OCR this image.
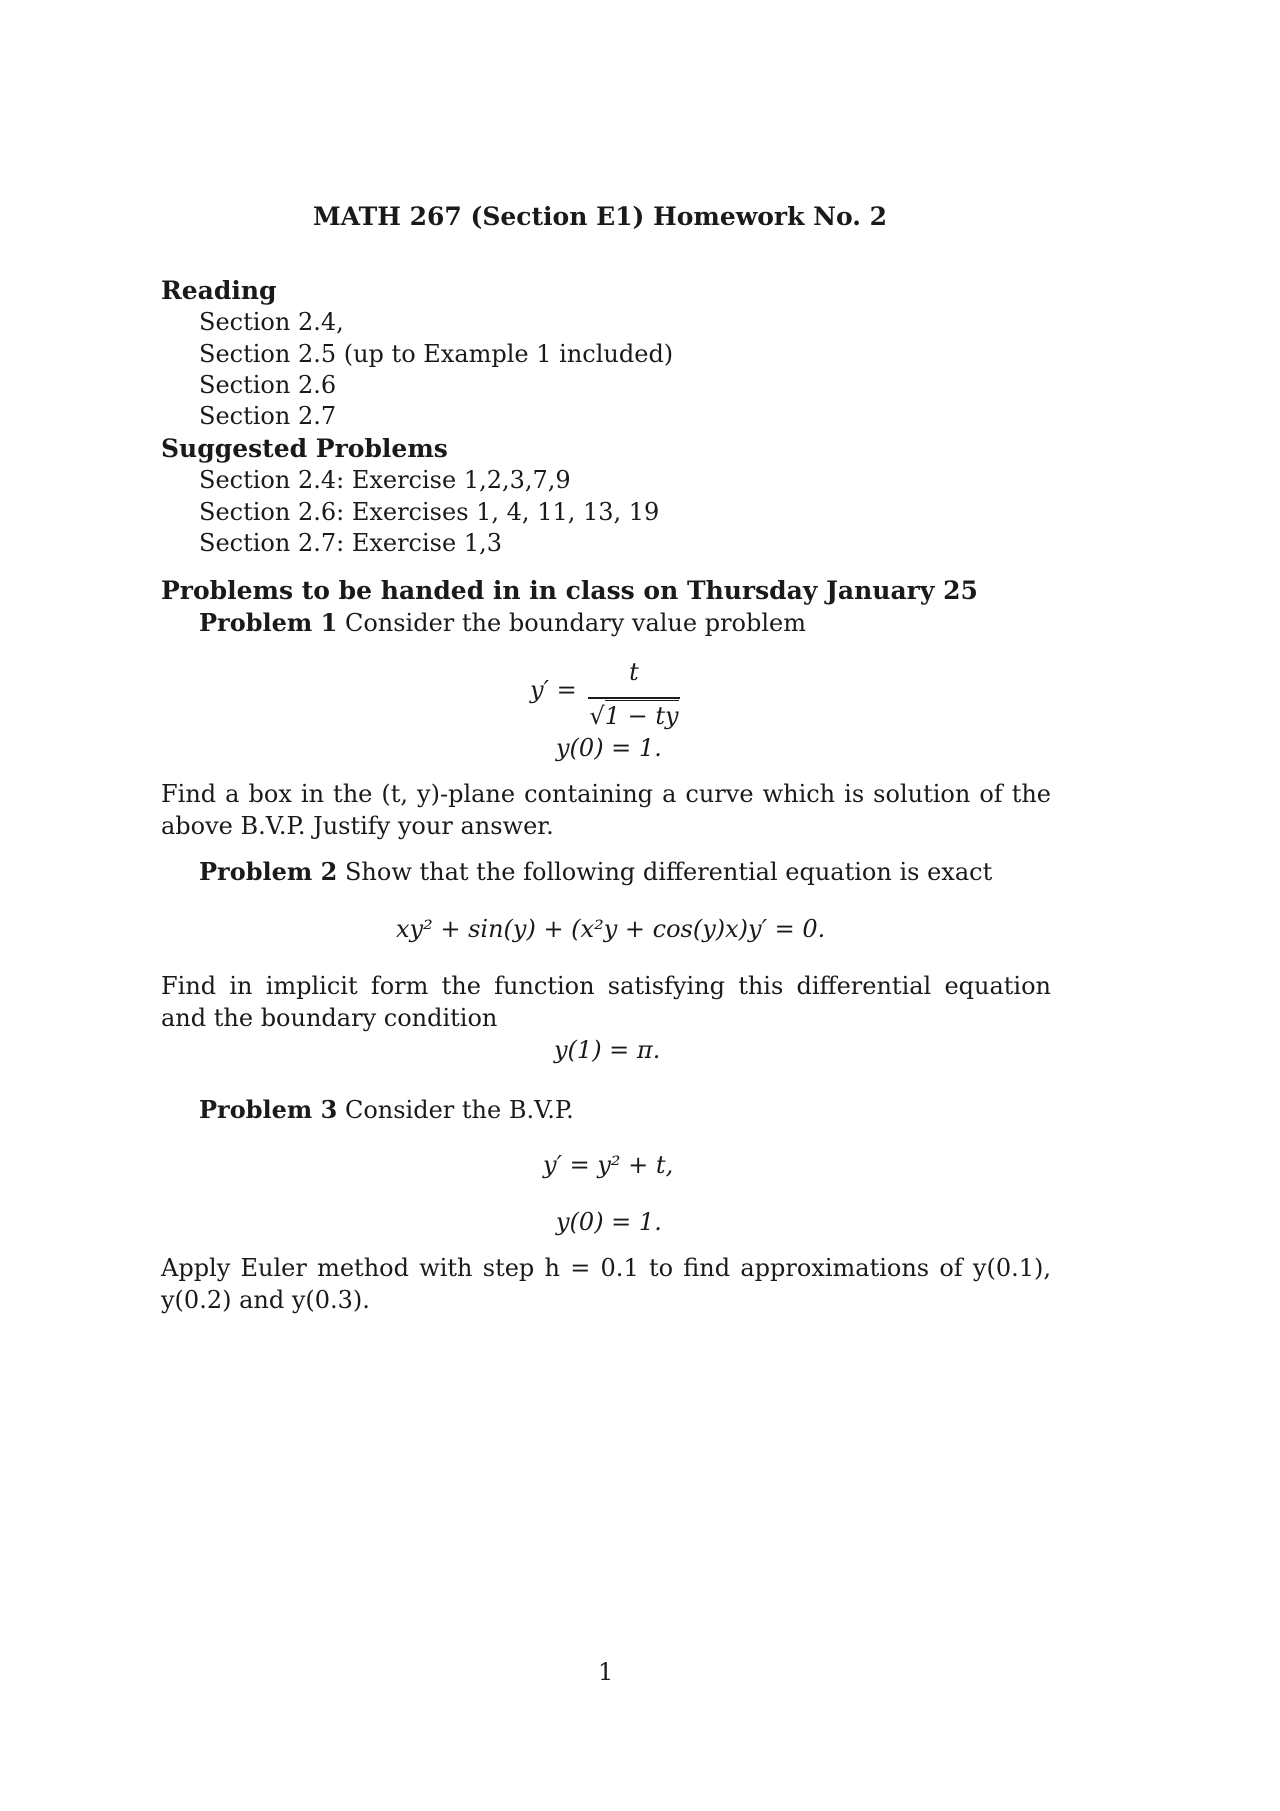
MATH 267 (Section E1) Homework No. 2
Reading
Section 2.4,
Section 2.5 (up to Example 1 included)
Section 2.6
Section 2.7
Suggested Problems
Section 2.4: Exercise 1,2,3,7,9
Section 2.6: Exercises 1, 4, 11, 13, 19
Section 2.7: Exercise 1,3
Problems to be handed in in class on Thursday January 25
Problem 1 Consider the boundary value problem
y′ =
t
√1 − ty
y(0) = 1.
Find a box in the (t, y)-plane containing a curve which is solution of the above B.V.P. Justify your answer.
Problem 2 Show that the following differential equation is exact
xy² + sin(y) + (x²y + cos(y)x)y′ = 0.
Find in implicit form the function satisfying this differential equation and the boundary condition
y(1) = π.
Problem 3 Consider the B.V.P.
y′ = y² + t,
y(0) = 1.
Apply Euler method with step h = 0.1 to find approximations of y(0.1), y(0.2) and y(0.3).
1
